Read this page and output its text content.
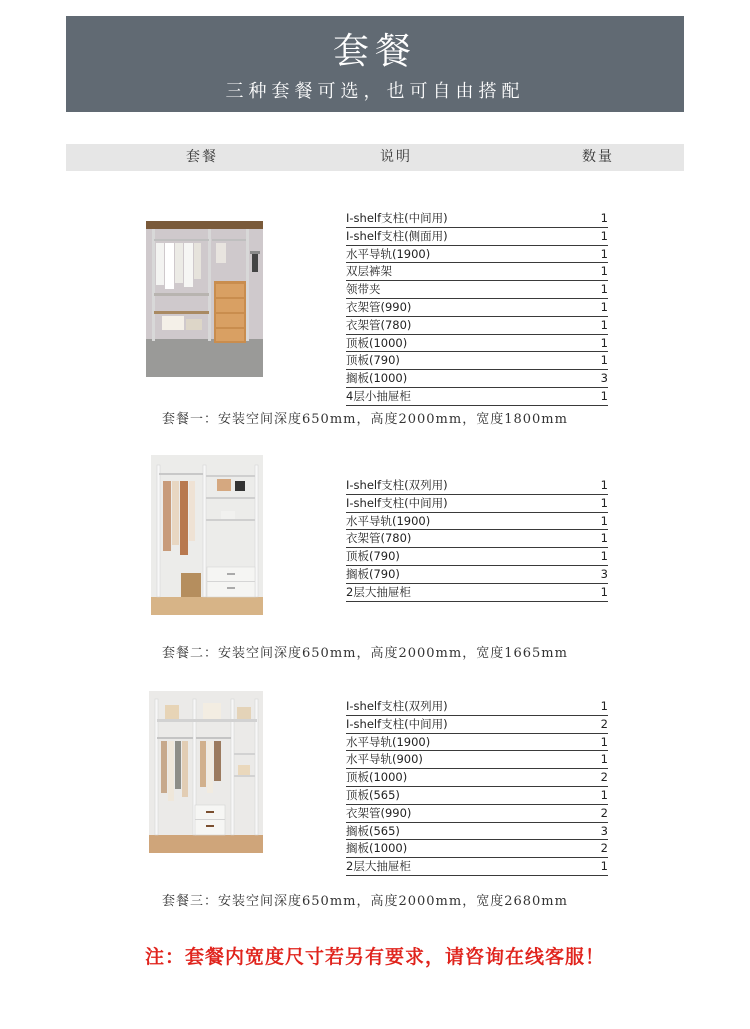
套餐
三种套餐可选，也可自由搭配
套餐	说明	数量
I-shelf支柱(中间用)	1
I-shelf支柱(侧面用)	1
水平导轨(1900)	1
双层裤架	1
领带夹	1
衣架管(990)	1
衣架管(780)	1
顶板(1000)	1
顶板(790)	1
搁板(1000)	3
4层小抽屉柜	1
套餐一：安装空间深度650mm，高度2000mm，宽度1800mm
I-shelf支柱(双列用)	1
I-shelf支柱(中间用)	1
水平导轨(1900)	1
衣架管(780)	1
顶板(790)	1
搁板(790)	3
2层大抽屉柜	1
套餐二：安装空间深度650mm，高度2000mm，宽度1665mm
I-shelf支柱(双列用)	1
I-shelf支柱(中间用)	2
水平导轨(1900)	1
水平导轨(900)	1
顶板(1000)	2
顶板(565)	1
衣架管(990)	2
搁板(565)	3
搁板(1000)	2
2层大抽屉柜	1
套餐三：安装空间深度650mm，高度2000mm，宽度2680mm
注：套餐内宽度尺寸若另有要求，请咨询在线客服！
